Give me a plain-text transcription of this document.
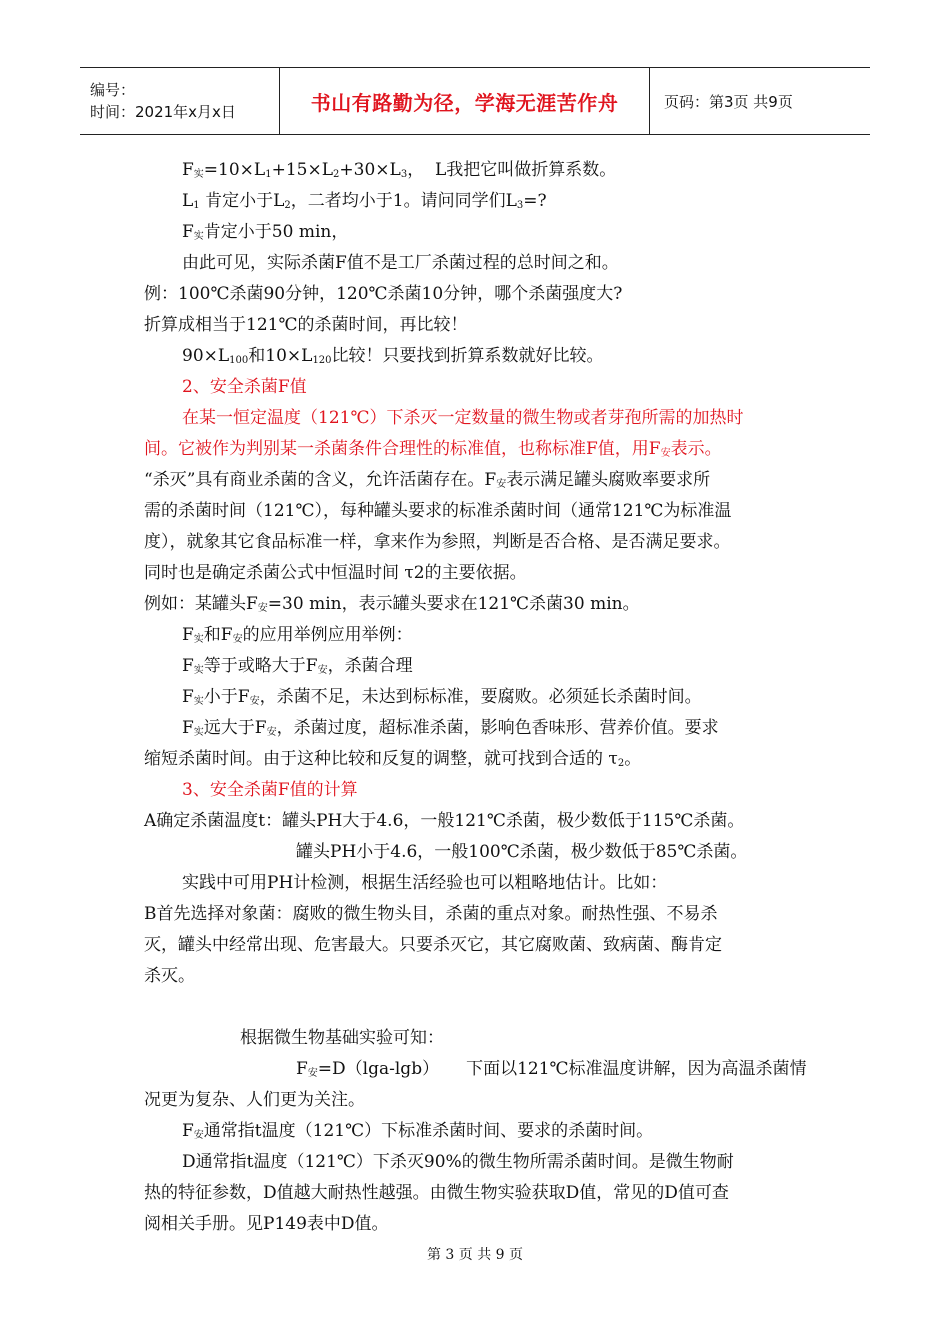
编号：
时间：2021年x月x日	书山有路勤为径，学海无涯苦作舟	页码：第3页 共9页
$F_实=10\times L_1+15\times L_2+30\times L_3$，  L我把它叫做折算系数。
$L_1$ 肯定小于$L_2$，二者均小于1。请问同学们$L_3=$?
$F_实$肯定小于50 min，
由此可见，实际杀菌F值不是工厂杀菌过程的总时间之和。
例：100℃杀菌90分钟，120℃杀菌10分钟，哪个杀菌强度大?
折算成相当于121℃的杀菌时间，再比较！
$90\times L_{100}$和$10\times L_{120}$比较！只要找到折算系数就好比较。
2、安全杀菌F值
在某一恒定温度（121℃）下杀灭一定数量的微生物或者芽孢所需的加热时
间。它被作为判别某一杀菌条件合理性的标准值，也称标准F值，用$F_安$表示。
“杀灭”具有商业杀菌的含义，允许活菌存在。$F_安$表示满足罐头腐败率要求所
需的杀菌时间（121℃），每种罐头要求的标准杀菌时间（通常121℃为标准温
度），就象其它食品标准一样，拿来作为参照，判断是否合格、是否满足要求。
同时也是确定杀菌公式中恒温时间 τ2的主要依据。
例如：某罐头$F_安=30$ min，表示罐头要求在121℃杀菌30 min。
$F_实$和$F_安$的应用举例应用举例：
$F_实$等于或略大于$F_安$，杀菌合理
$F_实$小于$F_安$，杀菌不足，未达到标标准，要腐败。必须延长杀菌时间。
$F_实$远大于$F_安$，杀菌过度，超标准杀菌，影响色香味形、营养价值。要求
缩短杀菌时间。由于这种比较和反复的调整，就可找到合适的 $\tau_2$。
3、安全杀菌F值的计算
A确定杀菌温度t：罐头PH大于4.6，一般121℃杀菌，极少数低于115℃杀菌。
罐头PH小于4.6，一般100℃杀菌，极少数低于85℃杀菌。
实践中可用PH计检测，根据生活经验也可以粗略地估计。比如：
B首先选择对象菌：腐败的微生物头目，杀菌的重点对象。耐热性强、不易杀
灭，罐头中经常出现、危害最大。只要杀灭它，其它腐败菌、致病菌、酶肯定
杀灭。
根据微生物基础实验可知：
$F_安=D(\lg a-\lg b)$     下面以121℃标准温度讲解，因为高温杀菌情
况更为复杂、人们更为关注。
$F_安$通常指t温度（121℃）下标准杀菌时间、要求的杀菌时间。
D通常指t温度（121℃）下杀灭90%的微生物所需杀菌时间。是微生物耐
热的特征参数，D值越大耐热性越强。由微生物实验获取D值，常见的D值可查
阅相关手册。见P149表中D值。
第 3 页 共 9 页
